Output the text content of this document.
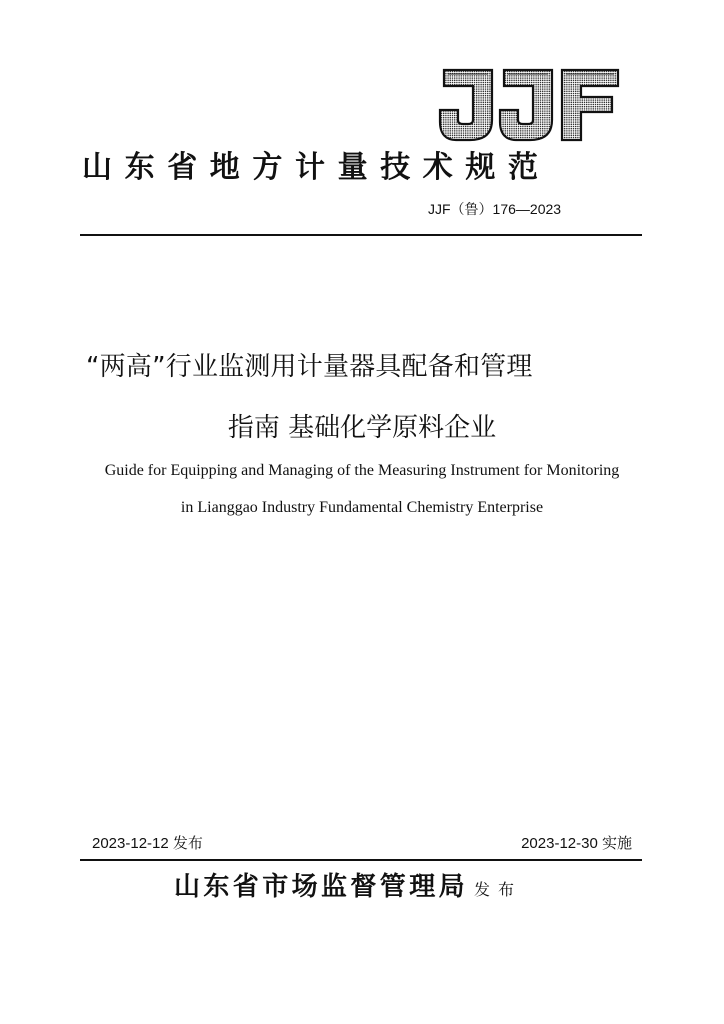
山东省地方计量技术规范
JJF（鲁）176—2023
“两高”行业监测用计量器具配备和管理
指南 基础化学原料企业
Guide for Equipping and Managing of the Measuring Instrument for Monitoring
in Lianggao Industry Fundamental Chemistry Enterprise
2023-12-12 发布	2023-12-30 实施
山东省市场监督管理局 发布
